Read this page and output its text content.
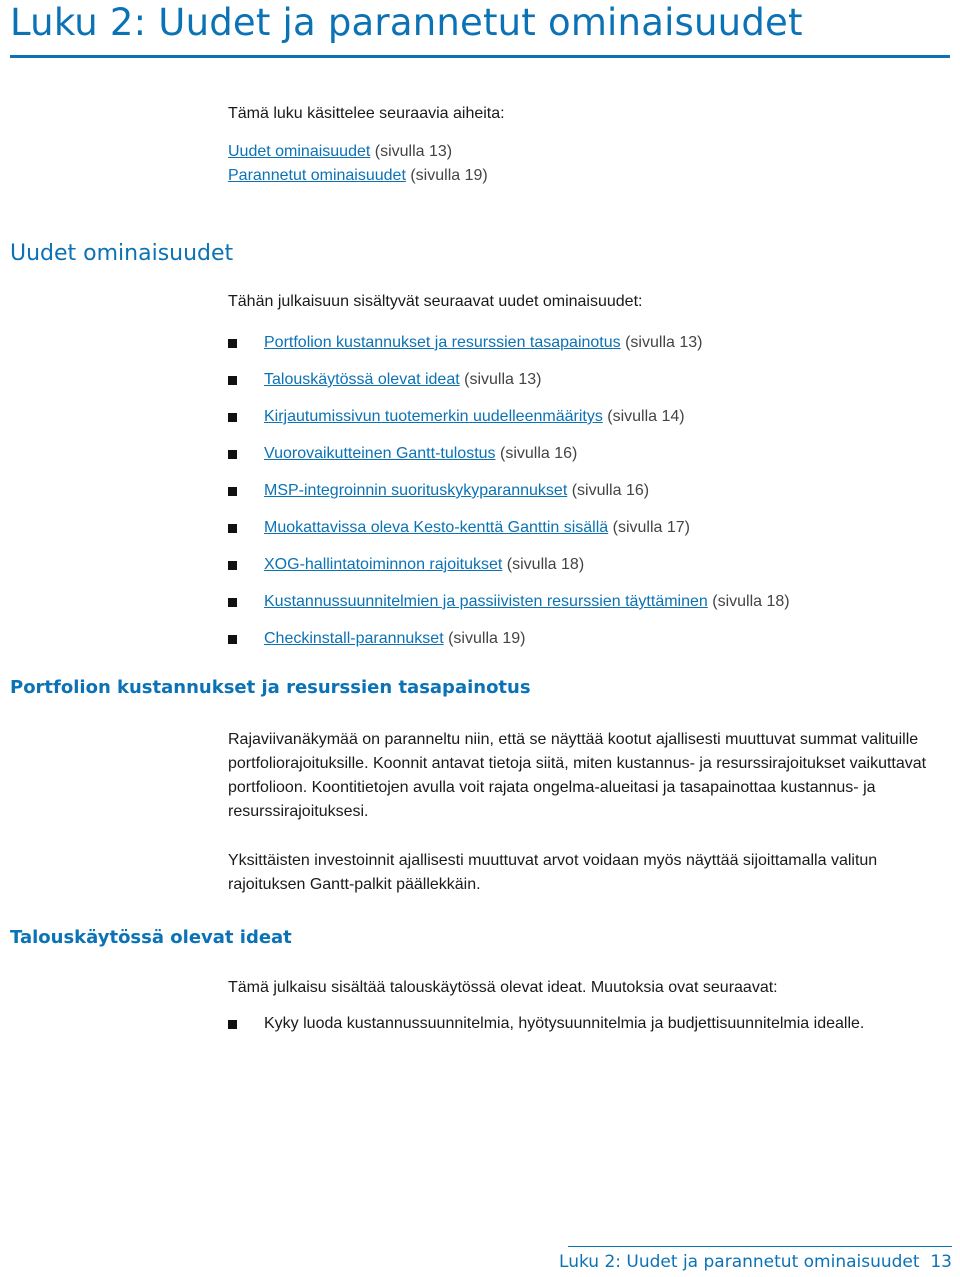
Luku 2: Uudet ja parannetut ominaisuudet

Tämä luku käsittelee seuraavia aiheita:

Uudet ominaisuudet (sivulla 13)

Parannetut ominaisuudet (sivulla 19)

Uudet ominaisuudet

Tähän julkaisuun sisältyvät seuraavat uudet ominaisuudet:

Portfolion kustannukset ja resurssien tasapainotus (sivulla 13)
Talouskäytössä olevat ideat (sivulla 13)
Kirjautumissivun tuotemerkin uudelleenmääritys (sivulla 14)
Vuorovaikutteinen Gantt-tulostus (sivulla 16)
MSP-integroinnin suorituskykyparannukset (sivulla 16)
Muokattavissa oleva Kesto-kenttä Ganttin sisällä (sivulla 17)
XOG-hallintatoiminnon rajoitukset (sivulla 18)
Kustannussuunnitelmien ja passiivisten resurssien täyttäminen (sivulla 18)
Checkinstall-parannukset (sivulla 19)
Portfolion kustannukset ja resurssien tasapainotus

Rajaviivanäkymää on paranneltu niin, että se näyttää kootut ajallisesti muuttuvat summat valituille portfoliorajoituksille. Koonnit antavat tietoja siitä, miten kustannus- ja resurssirajoitukset vaikuttavat portfolioon. Koontitietojen avulla voit rajata ongelma-alueitasi ja tasapainottaa kustannus- ja resurssirajoituksesi.

Yksittäisten investoinnit ajallisesti muuttuvat arvot voidaan myös näyttää sijoittamalla valitun rajoituksen Gantt-palkit päällekkäin.

Talouskäytössä olevat ideat

Tämä julkaisu sisältää talouskäytössä olevat ideat. Muutoksia ovat seuraavat:

Kyky luoda kustannussuunnitelmia, hyötysuunnitelmia ja budjettisuunnitelmia idealle.
Luku 2: Uudet ja parannetut ominaisuudet  13
